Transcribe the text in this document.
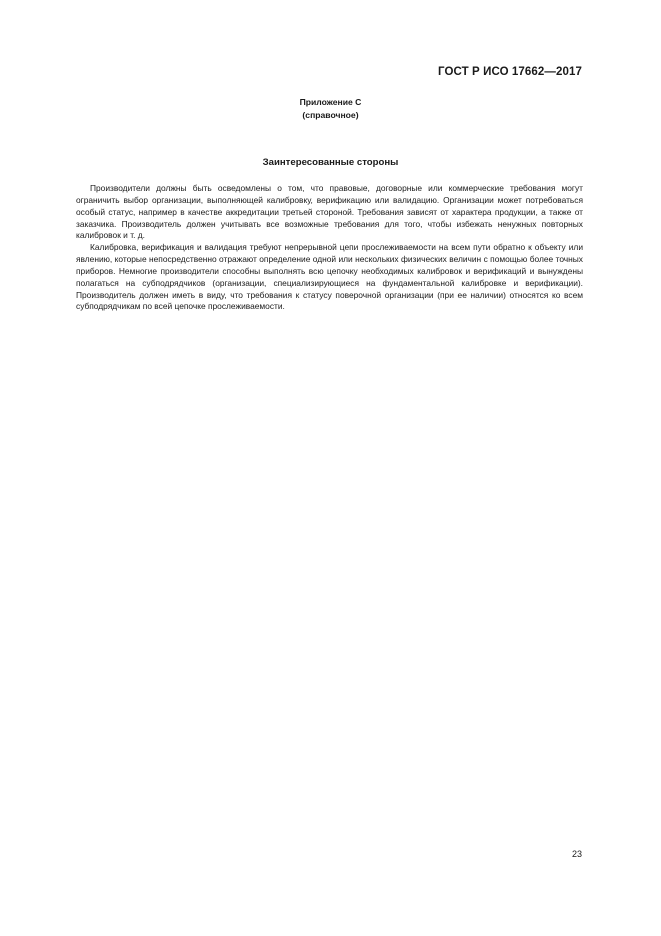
ГОСТ Р ИСО 17662—2017
Приложение С
(справочное)
Заинтересованные стороны

Производители должны быть осведомлены о том, что правовые, договорные или коммерческие требования могут ограничить выбор организации, выполняющей калибровку, верификацию или валидацию. Организации может потребоваться особый статус, например в качестве аккредитации третьей стороной. Требования зависят от характера продукции, а также от заказчика. Производитель должен учитывать все возможные требования для того, чтобы избежать ненужных повторных калибровок и т. д.

Калибровка, верификация и валидация требуют непрерывной цепи прослеживаемости на всем пути обратно к объекту или явлению, которые непосредственно отражают определение одной или нескольких физических величин с помощью более точных приборов. Немногие производители способны выполнять всю цепочку необходимых калибровок и верификаций и вынуждены полагаться на субподрядчиков (организации, специализирующиеся на фундаментальной калибровке и верификации). Производитель должен иметь в виду, что требования к статусу поверочной организации (при ее наличии) относятся ко всем субподрядчикам по всей цепочке прослеживаемости.

23
